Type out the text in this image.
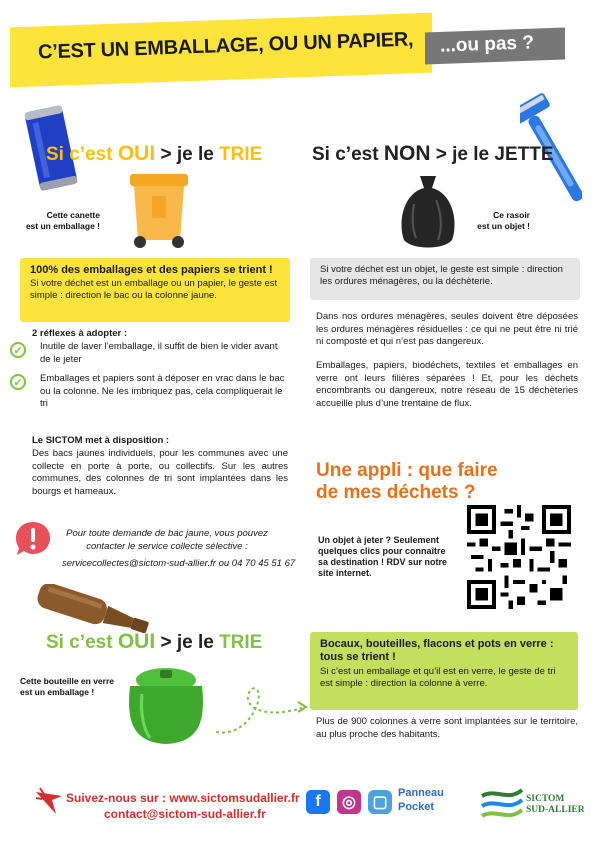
C’EST UN EMBALLAGE, OU UN PAPIER, ...ou pas ?
Si c’est OUI > je le TRIE
Cette canette
est un emballage !
Si c’est NON > je le JETTE
Ce rasoir
est un objet !
100% des emballages et des papiers se trient !
Si votre déchet est un emballage ou un papier, le geste est simple : direction le bac ou la colonne jaune.
Si votre déchet est un objet, le geste est simple : direction les ordures ménagères, ou la déchèterie.
2 réflexes à adopter :
✓	Inutile de laver l’emballage, il suffit de bien le vider avant de le jeter
✓	Emballages et papiers sont à déposer en vrac dans le bac ou la colonne. Ne les imbriquez pas, cela compliquerait le tri
Dans nos ordures ménagères, seules doivent être déposées les ordures ménagères résiduelles : ce qui ne peut être ni trié ni composté et qui n’est pas dangereux.
Emballages, papiers, biodéchets, textiles et emballages en verre ont leurs filières séparées ! Et, pour les déchets encombrants ou dangereux, notre réseau de 15 déchèteries accueille plus d’une trentaine de flux.
Le SICTOM met à disposition :
Des bacs jaunes individuels, pour les communes avec une collecte en porte à porte, ou collectifs. Sur les autres communes, des colonnes de tri sont implantées dans les bourgs et hameaux.
Pour toute demande de bac jaune, vous pouvez contacter le service collecte sélective :
servicecollectes@sictom-sud-allier.fr ou 04 70 45 51 67
Une appli : que faire
de mes déchets ?
Un objet à jeter ? Seulement quelques clics pour connaître sa destination ! RDV sur notre site internet.
Si c’est OUI > je le TRIE
Cette bouteille en verre
est un emballage !
Bocaux, bouteilles, flacons et pots en verre : tous se trient !
Si c’est un emballage et qu’il est en verre, le geste de tri est simple : direction la colonne à verre.
Plus de 900 colonnes à verre sont implantées sur le territoire, au plus proche des habitants.
Suivez-nous sur : www.sictomsudallier.fr
contact@sictom-sud-allier.fr
f	◎	▢
Panneau
Pocket
SICTOM
SUD-ALLIER
